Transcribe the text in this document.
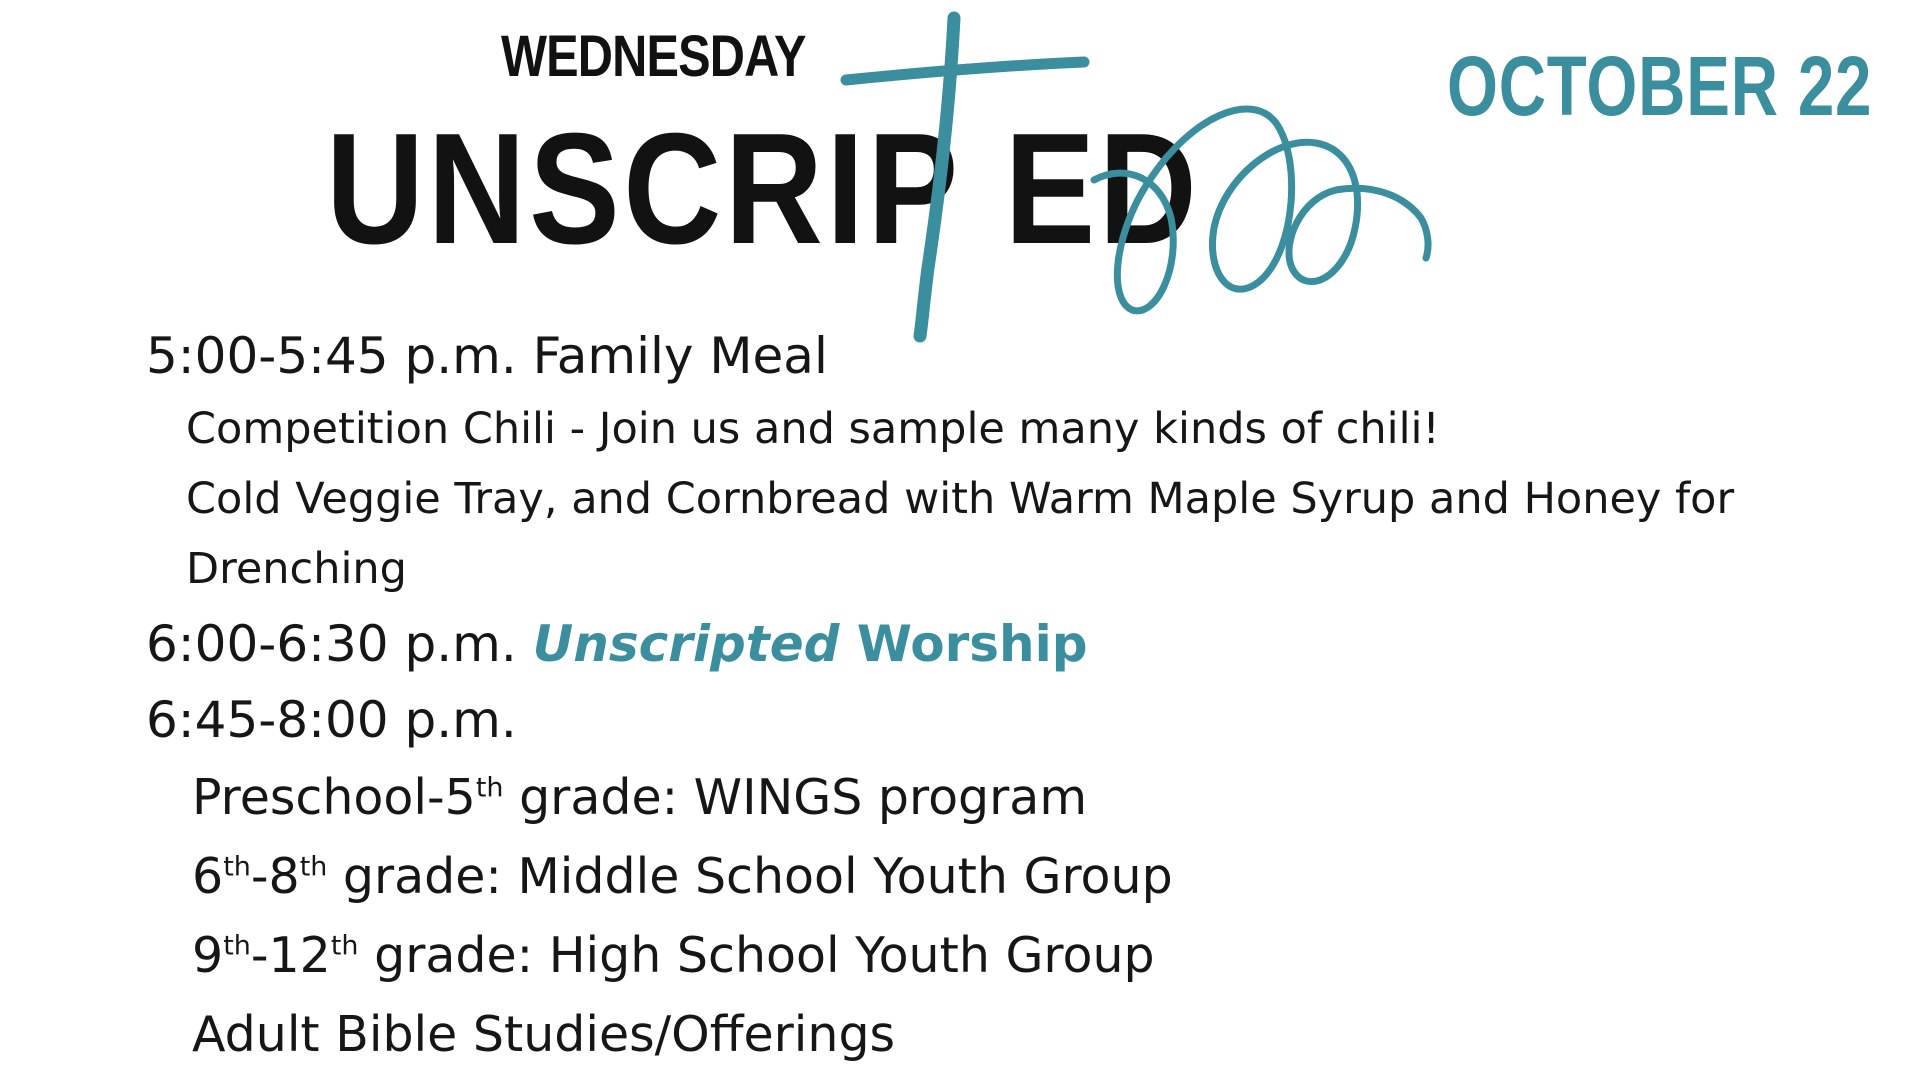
WEDNESDAY
UNSCRIP ED
OCTOBER 22
5:00-5:45 p.m. Family Meal
Competition Chili - Join us and sample many kinds of chili!
Cold Veggie Tray, and Cornbread with Warm Maple Syrup and Honey for Drenching
6:00-6:30 p.m. Unscripted Worship
6:45-8:00 p.m.
Preschool-5th grade: WINGS program
6th-8th grade: Middle School Youth Group
9th-12th grade: High School Youth Group
Adult Bible Studies/Offerings
